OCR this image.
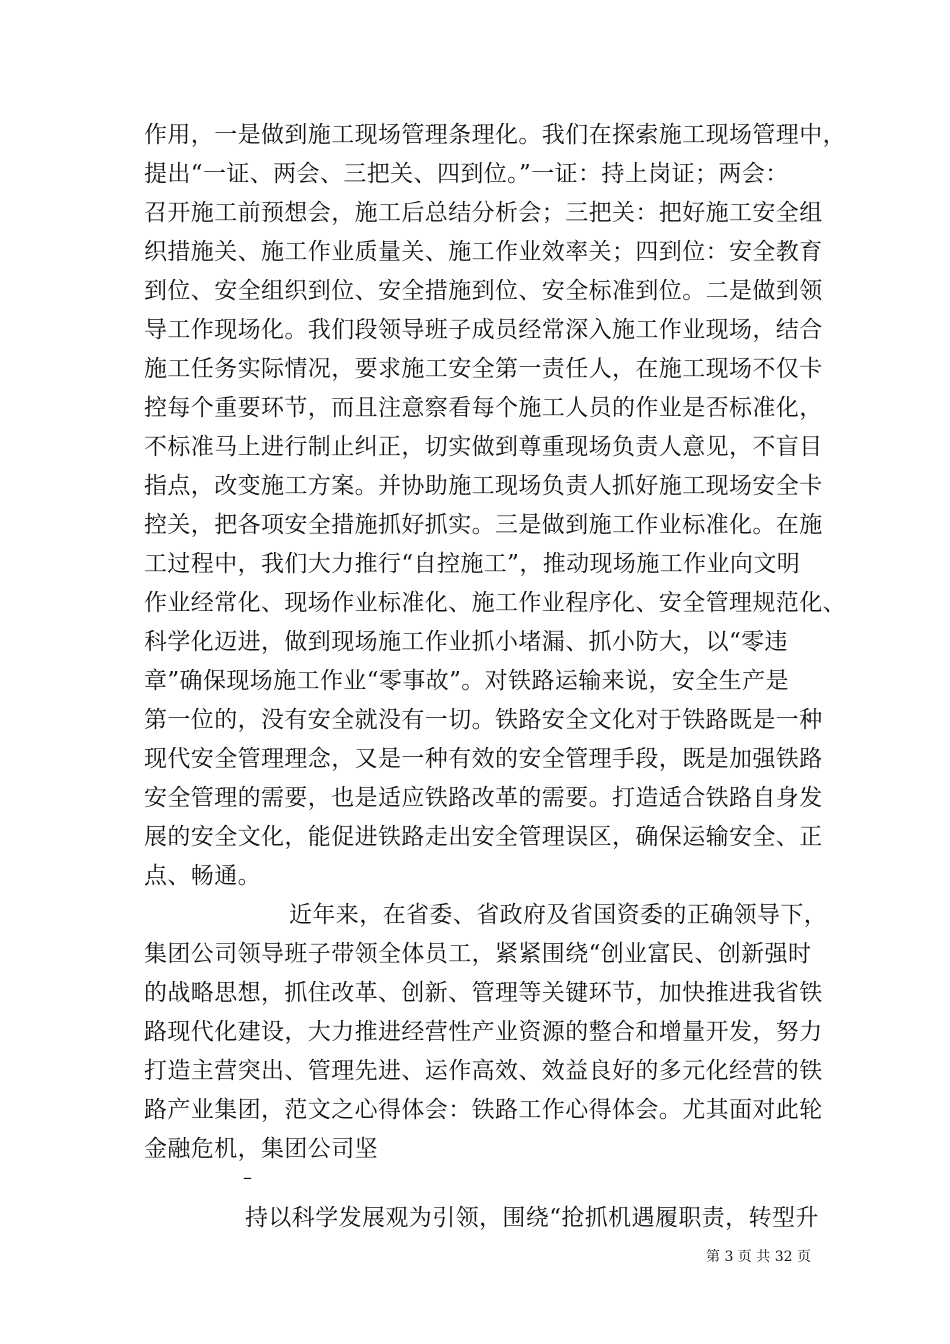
作用，一是做到施工现场管理条理化。我们在探索施工现场管理中，
提出“一证、两会、三把关、四到位。”一证：持上岗证；两会：
召开施工前预想会，施工后总结分析会；三把关：把好施工安全组
织措施关、施工作业质量关、施工作业效率关；四到位：安全教育
到位、安全组织到位、安全措施到位、安全标准到位。二是做到领
导工作现场化。我们段领导班子成员经常深入施工作业现场，结合
施工任务实际情况，要求施工安全第一责任人，在施工现场不仅卡
控每个重要环节，而且注意察看每个施工人员的作业是否标准化，
不标准马上进行制止纠正，切实做到尊重现场负责人意见，不盲目
指点，改变施工方案。并协助施工现场负责人抓好施工现场安全卡
控关，把各项安全措施抓好抓实。三是做到施工作业标准化。在施
工过程中，我们大力推行“自控施工”，推动现场施工作业向文明
作业经常化、现场作业标准化、施工作业程序化、安全管理规范化、
科学化迈进，做到现场施工作业抓小堵漏、抓小防大，以“零违
章”确保现场施工作业“零事故”。对铁路运输来说，安全生产是
第一位的，没有安全就没有一切。铁路安全文化对于铁路既是一种
现代安全管理理念，又是一种有效的安全管理手段，既是加强铁路
安全管理的需要，也是适应铁路改革的需要。打造适合铁路自身发
展的安全文化，能促进铁路走出安全管理误区，确保运输安全、正
点、畅通。
近年来，在省委、省政府及省国资委的正确领导下，
集团公司领导班子带领全体员工，紧紧围绕“创业富民、创新强时
的战略思想，抓住改革、创新、管理等关键环节，加快推进我省铁
路现代化建设，大力推进经营性产业资源的整合和增量开发，努力
打造主营突出、管理先进、运作高效、效益良好的多元化经营的铁
路产业集团，范文之心得体会：铁路工作心得体会。尤其面对此轮
金融危机，集团公司坚
–
持以科学发展观为引领，围绕“抢抓机遇履职责，转型升
第 3 页 共 32 页
